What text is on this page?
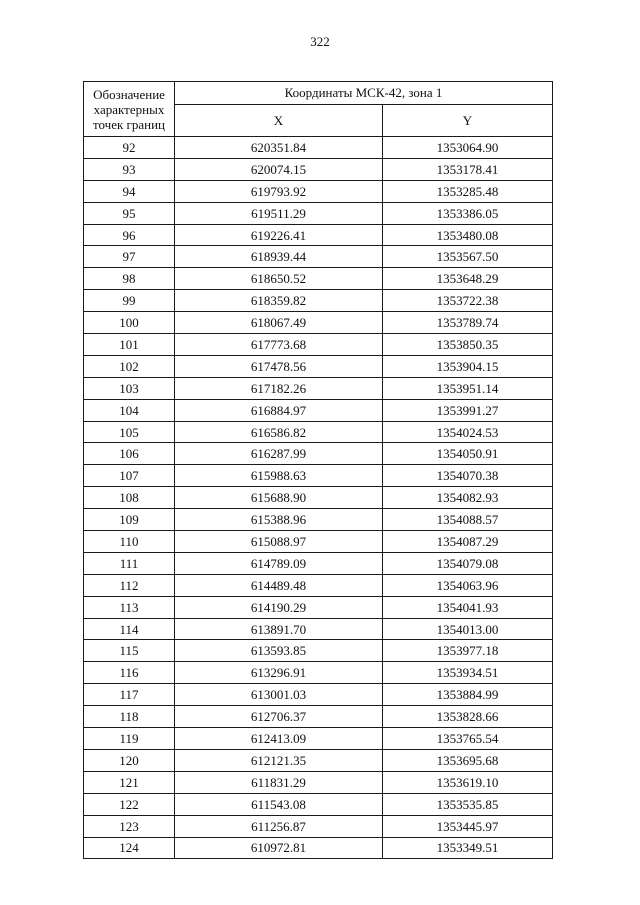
322
Обозначение
характерных
точек границ	Координаты МСК-42, зона 1	
	X	Y
92	620351.84	1353064.90
93	620074.15	1353178.41
94	619793.92	1353285.48
95	619511.29	1353386.05
96	619226.41	1353480.08
97	618939.44	1353567.50
98	618650.52	1353648.29
99	618359.82	1353722.38
100	618067.49	1353789.74
101	617773.68	1353850.35
102	617478.56	1353904.15
103	617182.26	1353951.14
104	616884.97	1353991.27
105	616586.82	1354024.53
106	616287.99	1354050.91
107	615988.63	1354070.38
108	615688.90	1354082.93
109	615388.96	1354088.57
110	615088.97	1354087.29
111	614789.09	1354079.08
112	614489.48	1354063.96
113	614190.29	1354041.93
114	613891.70	1354013.00
115	613593.85	1353977.18
116	613296.91	1353934.51
117	613001.03	1353884.99
118	612706.37	1353828.66
119	612413.09	1353765.54
120	612121.35	1353695.68
121	611831.29	1353619.10
122	611543.08	1353535.85
123	611256.87	1353445.97
124	610972.81	1353349.51
